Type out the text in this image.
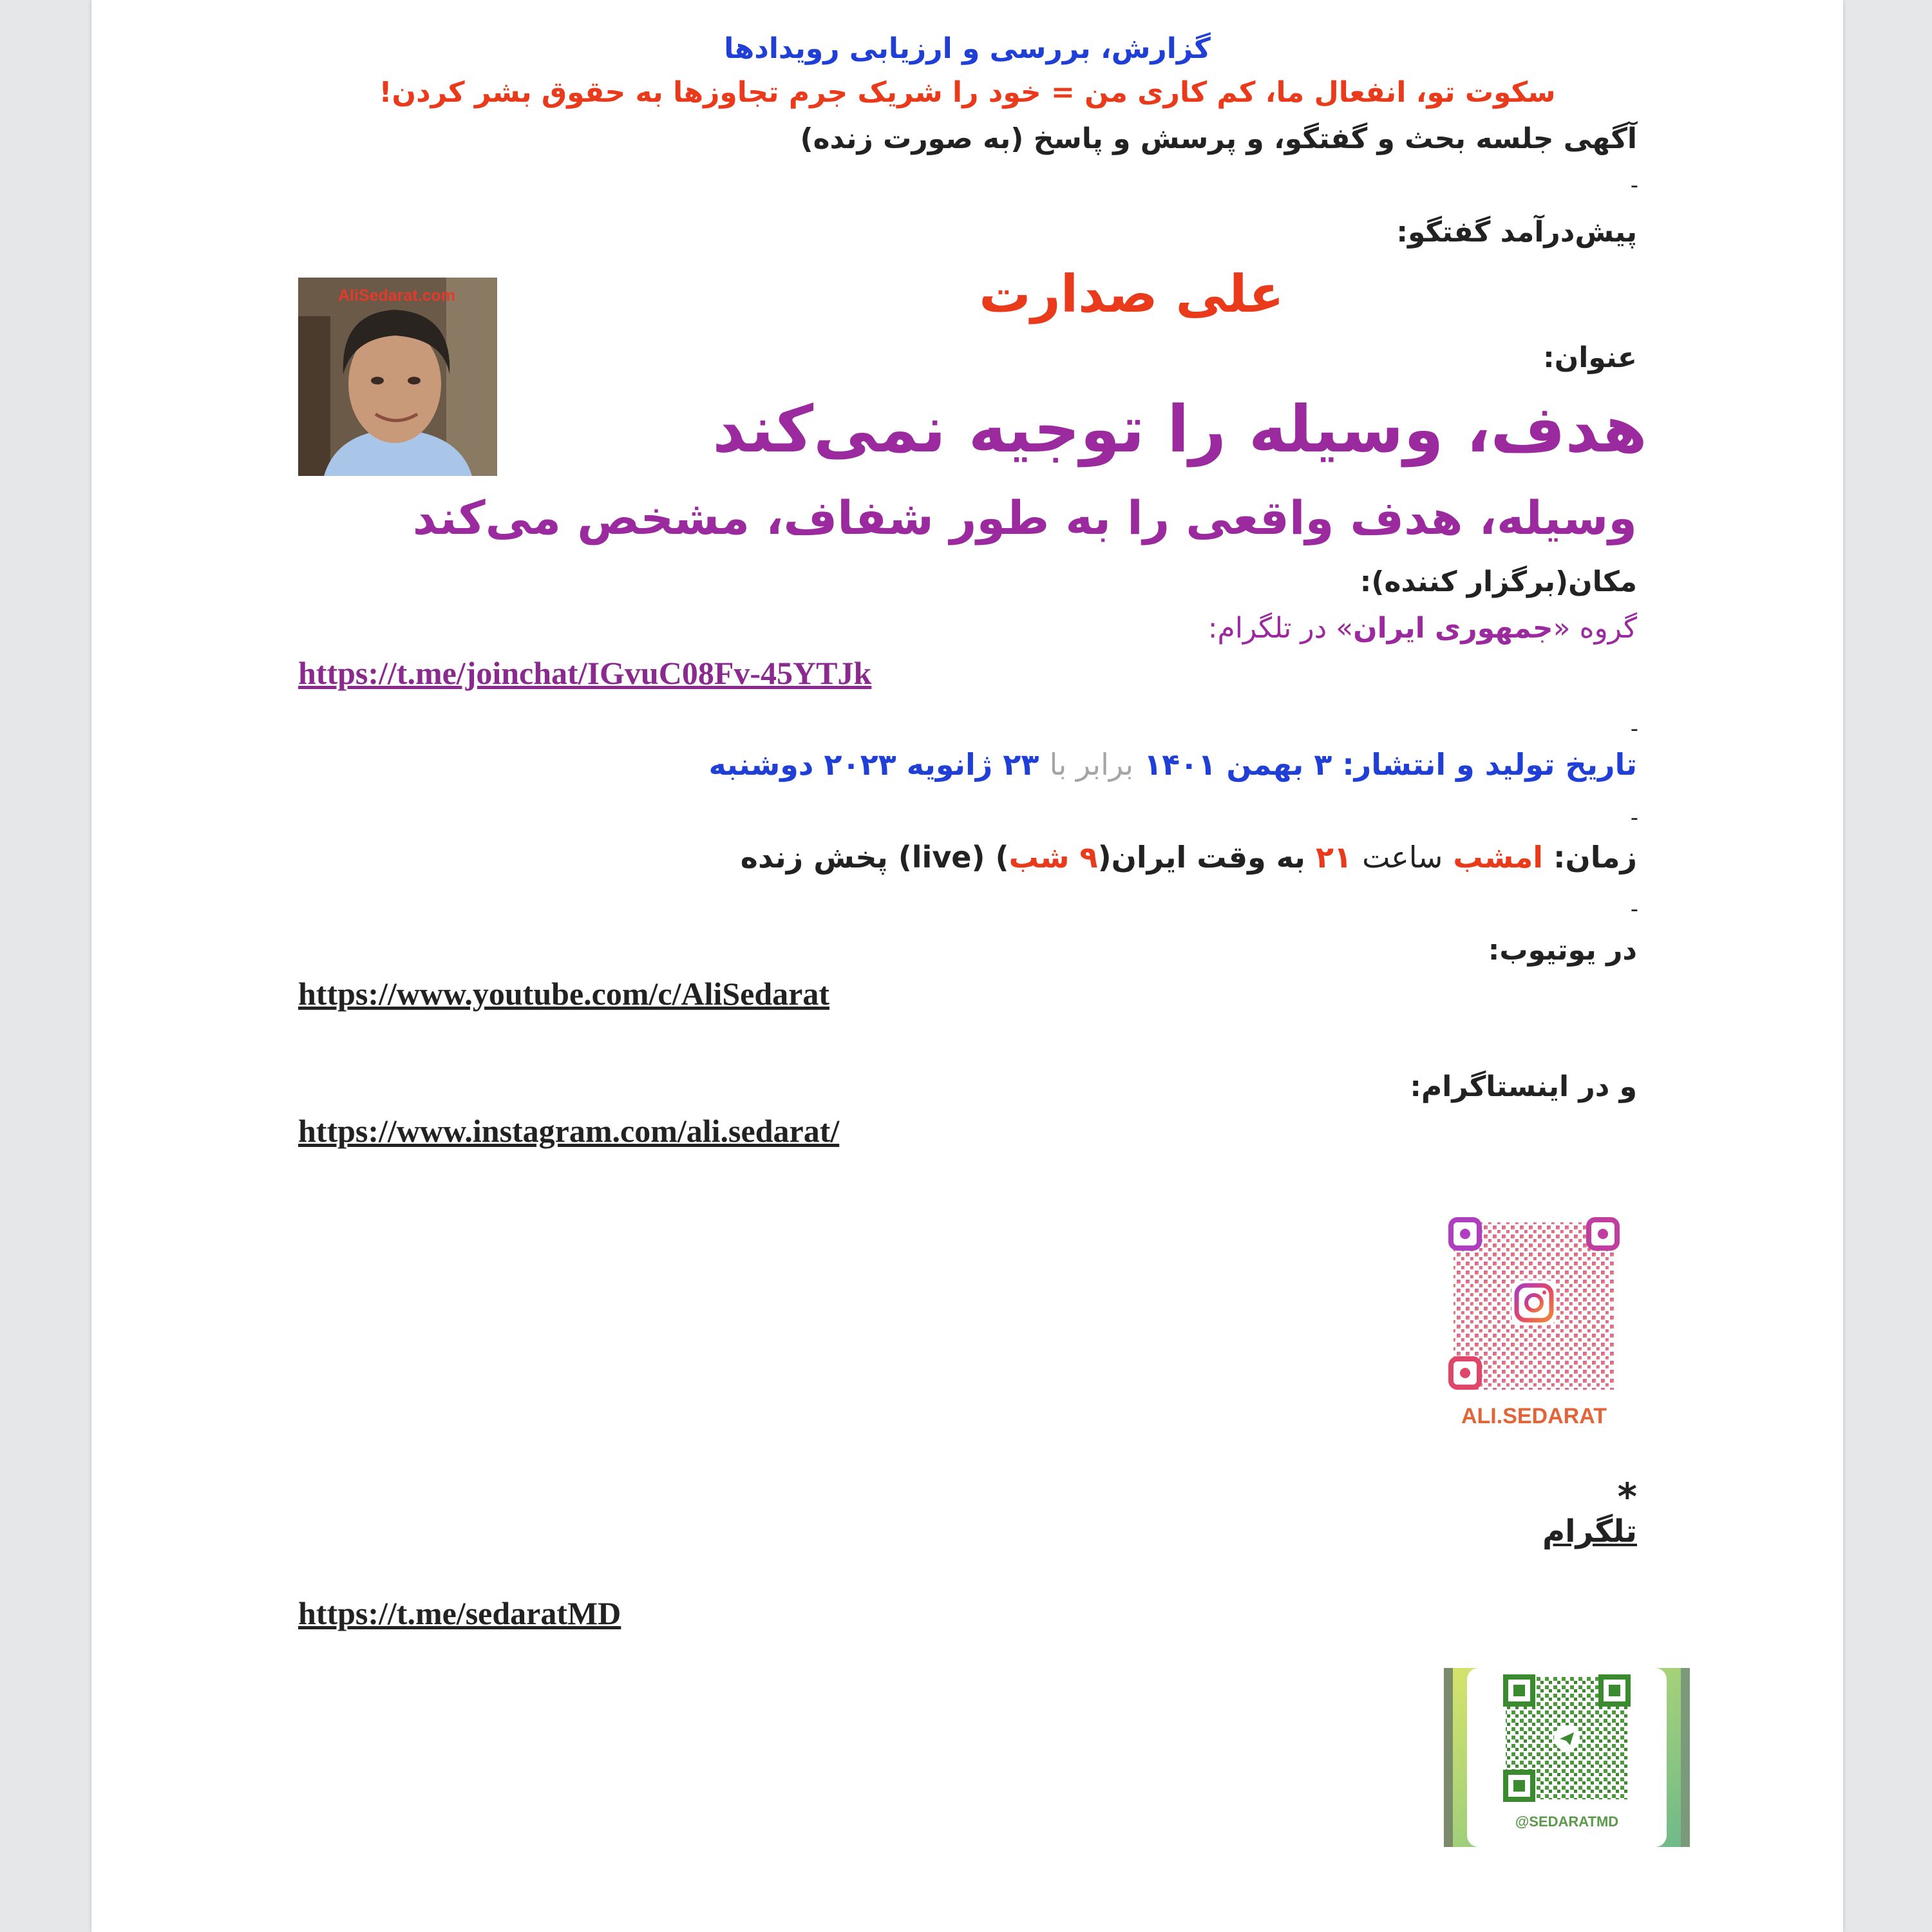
گزارش، بررسی و ارزیابی رویدادها
سکوت تو، انفعال ما، کم کاری من = خود را شریک جرم تجاوزها به حقوق بشر کردن!
آگهی جلسه بحث و گفتگو، و پرسش و پاسخ (به صورت زنده)
-
پیش‌درآمد گفتگو:
AliSedarat.com	علی صدارت
عنوان:
هدف، وسیله را توجیه نمی‌کند
وسیله، هدف واقعی را به طور شفاف، مشخص می‌کند
مکان(برگزار کننده):
گروه «جمهوری ایران» در تلگرام:
https://t.me/joinchat/IGvuC08Fv-45YTJk
-
تاریخ تولید و انتشار: ۳ بهمن ۱۴۰۱ برابر با ۲۳ ژانویه ۲۰۲۳ دوشنبه
-
زمان: امشب ساعت ۲۱ به وقت ایران(۹ شب) (live) پخش زنده
-
در یوتیوب:
https://www.youtube.com/c/AliSedarat
و در اینستاگرام:
https://www.instagram.com/ali.sedarat/
ALI.SEDARAT
*
تلگرام
https://t.me/sedaratMD
@SEDARATMD
